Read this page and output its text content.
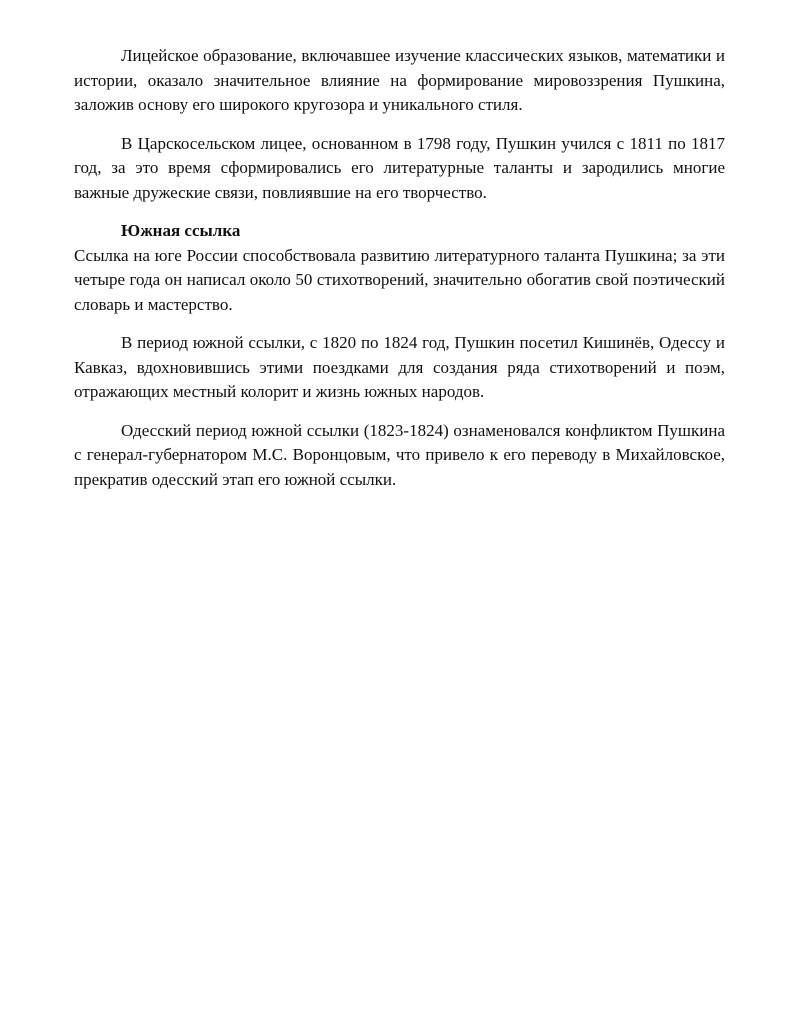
Лицейское образование, включавшее изучение классических языков, математики и истории, оказало значительное влияние на формирование мировоззрения Пушкина, заложив основу его широкого кругозора и уникального стиля.

В Царскосельском лицее, основанном в 1798 году, Пушкин учился с 1811 по 1817 год, за это время сформировались его литературные таланты и зародились многие важные дружеские связи, повлиявшие на его творчество.

Южная ссылка

Ссылка на юге России способствовала развитию литературного таланта Пушкина; за эти четыре года он написал около 50 стихотворений, значительно обогатив свой поэтический словарь и мастерство.

В период южной ссылки, с 1820 по 1824 год, Пушкин посетил Кишинёв, Одессу и Кавказ, вдохновившись этими поездками для создания ряда стихотворений и поэм, отражающих местный колорит и жизнь южных народов.

Одесский период южной ссылки (1823-1824) ознаменовался конфликтом Пушкина с генерал-губернатором М.С. Воронцовым, что привело к его переводу в Михайловское, прекратив одесский этап его южной ссылки.
